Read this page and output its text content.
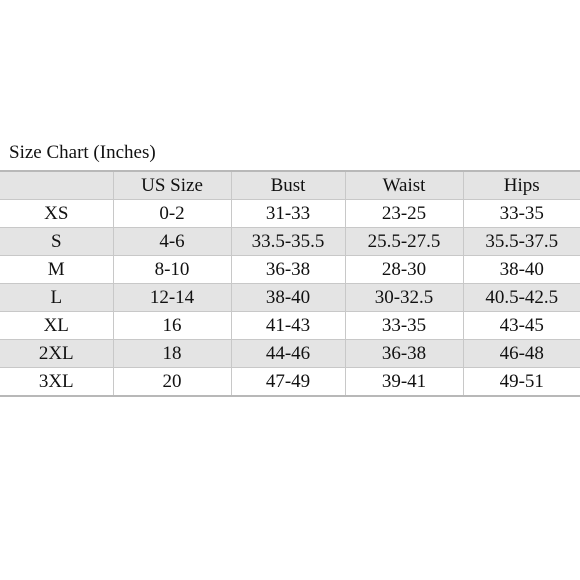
Size Chart (Inches)
	US Size	Bust	Waist	Hips
XS	0-2	31-33	23-25	33-35
S	4-6	33.5-35.5	25.5-27.5	35.5-37.5
M	8-10	36-38	28-30	38-40
L	12-14	38-40	30-32.5	40.5-42.5
XL	16	41-43	33-35	43-45
2XL	18	44-46	36-38	46-48
3XL	20	47-49	39-41	49-51
